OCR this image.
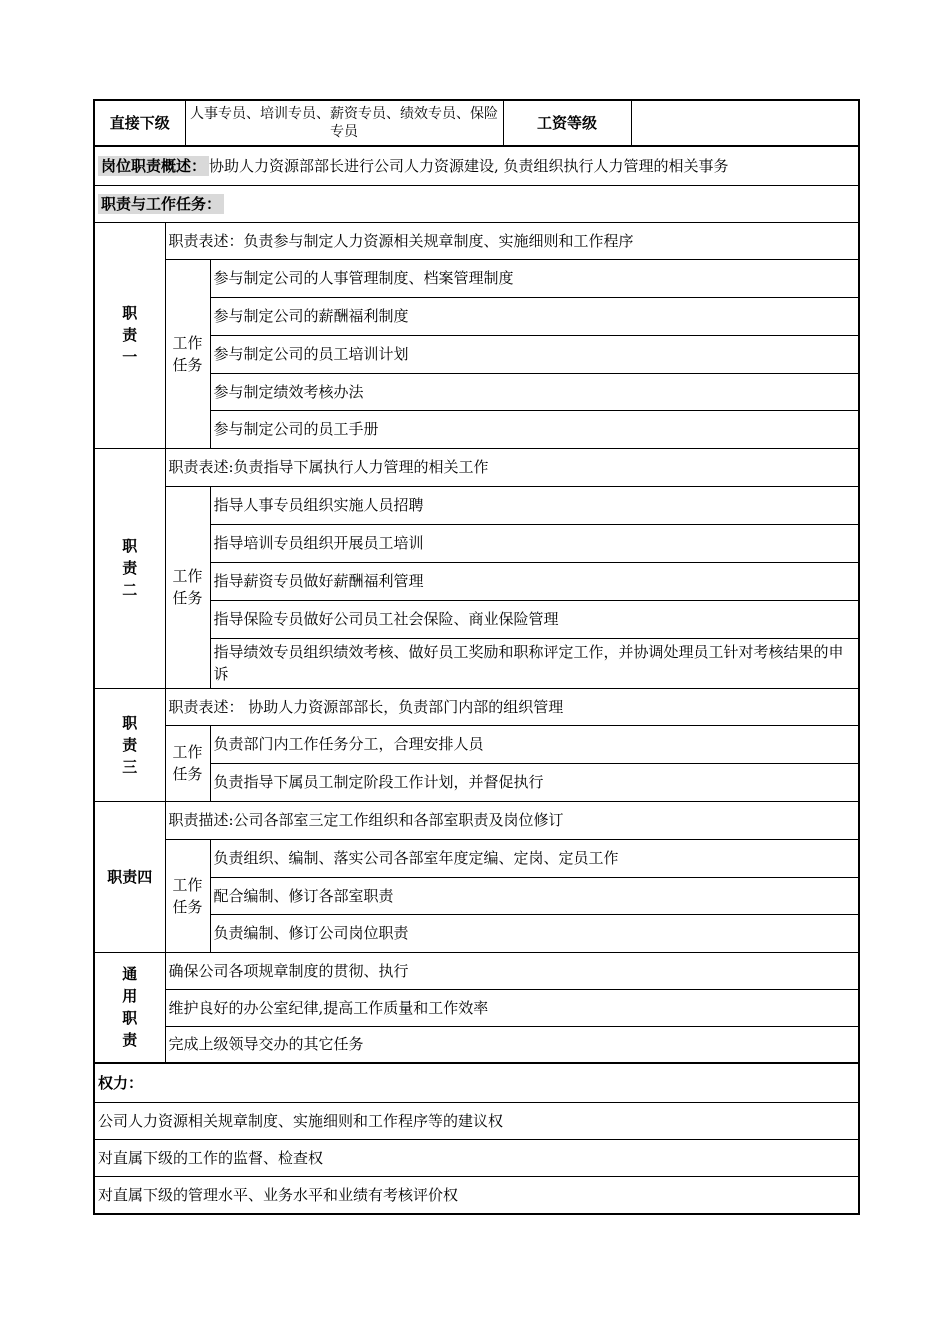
直接下级	人事专员、培训专员、薪资专员、绩效专员、保险专员	工资等级	
岗位职责概述： 协助人力资源部部长进行公司人力资源建设, 负责组织执行人力管理的相关事务		
职责与工作任务：		
职
责
一	职责表述：负责参与制定人力资源相关规章制度、实施细则和工作程序	
	工作
任务	参与制定公司的人事管理制度、档案管理制度
		参与制定公司的薪酬福利制度
		参与制定公司的员工培训计划
		参与制定绩效考核办法
		参与制定公司的员工手册
职
责
二	职责表述:负责指导下属执行人力管理的相关工作	
	工作
任务	指导人事专员组织实施人员招聘
		指导培训专员组织开展员工培训
		指导薪资专员做好薪酬福利管理
		指导保险专员做好公司员工社会保险、商业保险管理
		指导绩效专员组织绩效考核、做好员工奖励和职称评定工作，并协调处理员工针对考核结果的申诉
职
责
三	职责表述： 协助人力资源部部长，负责部门内部的组织管理	
	工作
任务	负责部门内工作任务分工，合理安排人员
		负责指导下属员工制定阶段工作计划，并督促执行
职责四	职责描述:公司各部室三定工作组织和各部室职责及岗位修订	
	工作
任务	负责组织、编制、落实公司各部室年度定编、定岗、定员工作
		配合编制、修订各部室职责
		负责编制、修订公司岗位职责
通
用
职
责	确保公司各项规章制度的贯彻、执行	
	维护良好的办公室纪律,提高工作质量和工作效率	
	完成上级领导交办的其它任务	
权力：		
公司人力资源相关规章制度、实施细则和工作程序等的建议权		
对直属下级的工作的监督、检查权		
对直属下级的管理水平、业务水平和业绩有考核评价权		
